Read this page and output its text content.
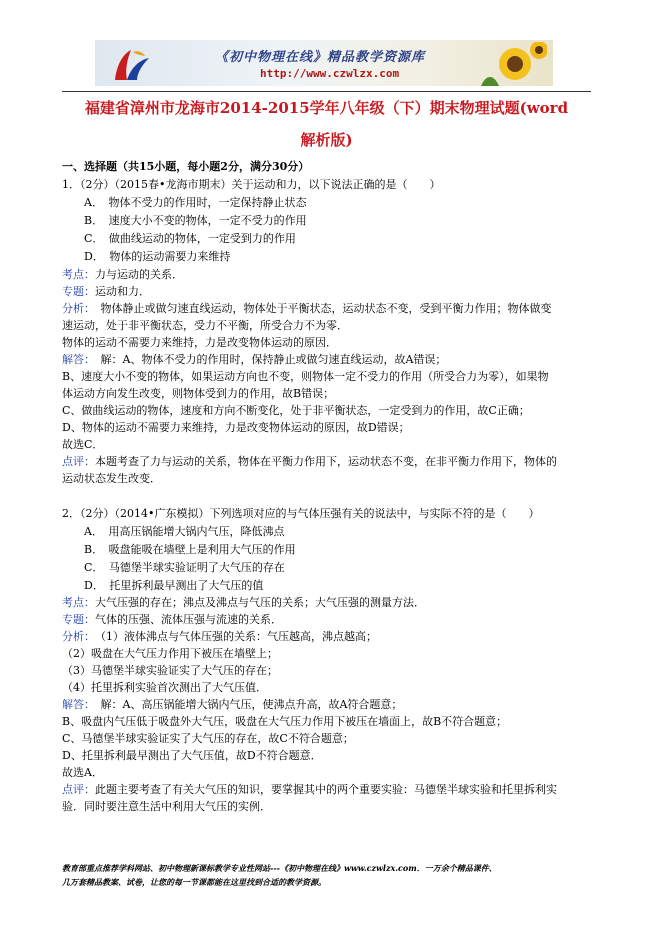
《初中物理在线》精品教学资源库
http://www.czwlzx.com
福建省漳州市龙海市2014-2015学年八年级（下）期末物理试题(word
解析版)
一、选择题（共15小题，每小题2分，满分30分）
1．（2分）（2015春•龙海市期末）关于运动和力，以下说法正确的是（　　）
A．　物体不受力的作用时，一定保持静止状态
B．　速度大小不变的物体，一定不受力的作用
C．　做曲线运动的物体，一定受到力的作用
D．　物体的运动需要力来维持
考点：力与运动的关系．
专题：运动和力．
分析：　物体静止或做匀速直线运动，物体处于平衡状态，运动状态不变，受到平衡力作用；物体做变
速运动，处于非平衡状态，受力不平衡，所受合力不为零．
物体的运动不需要力来维持，力是改变物体运动的原因．
解答：　解：A、物体不受力的作用时，保持静止或做匀速直线运动，故A错误；
B、速度大小不变的物体，如果运动方向也不变，则物体一定不受力的作用（所受合力为零），如果物
体运动方向发生改变，则物体受到力的作用，故B错误；
C、做曲线运动的物体，速度和方向不断变化，处于非平衡状态，一定受到力的作用，故C正确；
D、物体的运动不需要力来维持，力是改变物体运动的原因，故D错误；
故选C．
点评：本题考查了力与运动的关系，物体在平衡力作用下，运动状态不变，在非平衡力作用下，物体的
运动状态发生改变．
2．（2分）（2014•广东模拟）下列选项对应的与气体压强有关的说法中，与实际不符的是（　　）
A．　用高压锅能增大锅内气压，降低沸点
B．　吸盘能吸在墙壁上是利用大气压的作用
C．　马德堡半球实验证明了大气压的存在
D．　托里拆利最早测出了大气压的值
考点：大气压强的存在；沸点及沸点与气压的关系；大气压强的测量方法．
专题：气体的压强、流体压强与流速的关系．
分析：　（1）液体沸点与气体压强的关系：气压越高，沸点越高；
（2）吸盘在大气压力作用下被压在墙壁上；
（3）马德堡半球实验证实了大气压的存在；
（4）托里拆利实验首次测出了大气压值．
解答：　解：A、高压锅能增大锅内气压，使沸点升高，故A符合题意；
B、吸盘内气压低于吸盘外大气压，吸盘在大气压力作用下被压在墙面上，故B不符合题意；
C、马德堡半球实验证实了大气压的存在，故C不符合题意；
D、托里拆利最早测出了大气压值，故D不符合题意．
故选A．
点评：此题主要考查了有关大气压的知识，要掌握其中的两个重要实验：马德堡半球实验和托里拆利实
验．同时要注意生活中利用大气压的实例．
教育部重点推荐学科网站、初中物理新课标教学专业性网站---《初中物理在线》www.czwlzx.com．一万余个精品课件、
几万套精品教案、试卷，让您的每一节课都能在这里找到合适的教学资源。
